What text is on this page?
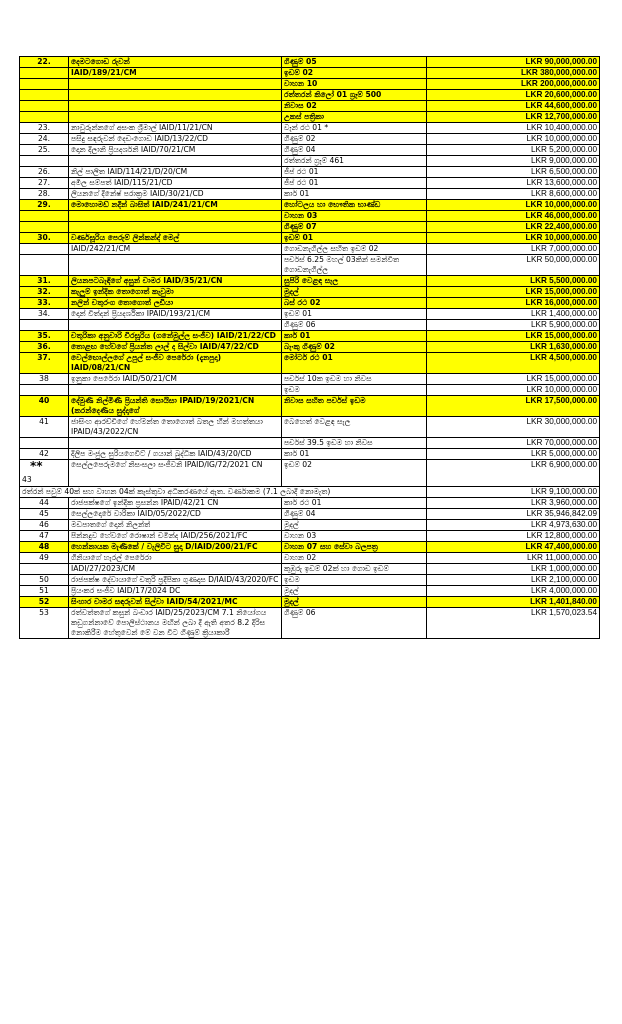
22.	දෙමටගොඩ රුවන්	ගිණුම් 05	LKR 90,000,000.00
	IAID/189/21/CM	ඉඩම් 02	LKR 380,000,000.00
		වාහන 10	LKR 200,000,000.00
		රත්තරන් කිලෝ 01 ග්‍රෑම් 500	LKR 20,600,000.00
		නිවාස 02	LKR 44,600,000.00
		උකස් පත්‍රිකා	LKR 12,700,000.00
23.	නාවුරුන්නගේ අසංක ශ්‍රීමාල් IAID/11/21/CN	වෑන් රථ 01 *	LKR 10,400,000.00
24.	පසිදු සඳරුවන් දෙඩංගොඩ IAID/13/22/CD	ගිණුම් 02	LKR 10,000,000.00
25.	දොන දිලානි ප්‍රියදර්ශනි IAID/70/21/CM	ගිණුම් 04	LKR 5,200,000.00
		රත්තරන් ග්‍රෑම් 461	LKR 9,000,000.00
26.	නිල් පාලිත IAID/114/21/D/20/CM	ජීප් රථ 01	LKR 6,500,000.00
27.	අමිල සම්පත් IAID/115/21/CD	ජීප් රථ 01	LKR 13,600,000.00
28.	ලියනගේ දිනේෂ් පරාක්‍රම IAID/30/21/CD	කාර් 01	LKR 8,600,000.00
29.	මොහොමඩ් නදීන් බාසිත් IAID/241/21/CM	හෝටලය හා භෞතික භාණ්ඩ	LKR 10,000,000.00
		වාහන 03	LKR 46,000,000.00
		ගිණුම් 07	LKR 22,400,000.00
30.	වර්ණසූරිය පෙරුම් ලින්කන්ද් මෙල්	ඉඩම් 01	LKR 10,000,000.00
	IAID/242/21/CM	ගොඩනැගිල්ල සහිත ඉඩම් 02	LKR 7,000,000.00
		පර්චස් 6.25 මහල් 03කින් සමන්විත ගොඩනැගිල්ල	LKR 50,000,000.00
31.	ලියනපටබැඳිගේ අසුන් චාමර IAID/35/21/CN	සුපිරි වෙළඳ සැල	LKR 5,500,000.00
32.	කැලුම් ඉන්දික තොගොත් කැවුමා	මුදල්	LKR 15,000,000.00
33.	නලින් චතුරංග තොගොත් ලඩියා	බස් රථ 02	LKR 16,000,000.00
34.	දොන් විත්දන් ප්‍රියදර්ශිකා IPAID/193/21/CM	ඉඩම් 01	LKR 1,400,000.00
		ගිණුම් 06	LKR 5,900,000.00
35.	චතුරිකා අනුචාරි චිරසූරිය (ගනේමුල්ල සංජීව) IAID/21/22/CD	කාර් 01	LKR 15,000,000.00
36.	තොළඟ හේවගේ ප්‍රියන්ත ලාල් ද සිල්වා IAID/47/22/CD	බැංකු ගිණුම් 02	LKR 1,630,000.00
37.	වෙල්ඟොල්ලගේ උපුල් සංජීව පෙරේරා (දැනපුදා) IAID/08/21/CN	මෝටර් රථ 01	LKR 4,500,000.00
38	ඉනුකා පෙරේරා IAID/50/21/CM	පර්චස් 10ක ඉඩම හා නිවස	LKR 15,000,000.00
		ඉඩම	LKR 10,000,000.00
40	දේමුණි නිල්මිණි ප්‍රියන්ති සොයිසා IPAID/19/2021/CN (කරන්දෙණිය සුද්දාගේ	නිවාස සහිත පර්චස් ඉඩම	LKR 17,500,000.00
41	ජාසිංහ ආරච්චිගේ හේමන්ත තොගොත් බතල හීන් මහත්තයා IPAID/43/2022/CN	බෙහෙත් වෙළඳ සැල	LKR 30,000,000.00
		පර්චස් 39.5 ඉඩම හා නිවස	LKR 70,000,000.00
42	දිලිප මංජුල සුරියගෙවිට් / ගයාන් බුද්ධික IAID/43/20/CD	කාර් 01	LKR 5,000,000.00

**
43	සෙල්ලපෙරුමගේ නිසංසලා සංජීවනි IPAID/IG/72/2021 CN	ඉඩම් 02	LKR 6,900,000.00
රත්රන් පවුම් 40ක් සහ වාහන 04ක් කැස්තුවා අධිකරණයේ ඇත. වර්ණාකම (7.1 ලබාදී නොමැත)			LKR 9,100,000.00
44	රාජපක්ෂගේ ඉන්දික ප්‍රසන්න IPAID/42/21 CN	කාර් රථ 01	LKR 3,960,000.00
45	සෙල්ලදොරේ වාරිකා IAID/05/2022/CD	ගිණුම් 04	LKR 35,946,842.09
46	මඩපාතගේ දොන් නිලන්ත්	මුදල්	LKR 4,973,630.00
47	පින්නදුව හේවගේ රොෂාන් චමින්ද IAID/256/2021/FC	වාහන 03	LKR 12,800,000.00
48	හෙන්නායක මැණිකේ / වැලිවිට සුදා D/IAID/200/21/FC	වාහන 07 සහ සේවා බලපත්‍ර	LKR 47,400,000.00
49	ගිනියාගේ හැරල් පෙරේරා	වාහන 02	LKR 11,000,000.00
	IADI/27/2023/CM	කුඹුරු ඉඩම් 02ක් හා ගොඩ ඉඩම්	LKR 1,000,000.00
50	රාජපක්ෂ දේවායාගේ චතුරි ප්‍රදීපිකා ගුණදාස D/IAID/43/2020/FC	ඉඩම	LKR 2,100,000.00
51	ප්‍රියංකර සංජීව IAID/17/2024 DC	මුදල්	LKR 4,000,000.00
52	සිංහාර චාමර සඳරුවන් සිල්වා IAID/54/2021/MC	මුදල්	LKR 1,401,840.00
53	රත්වත්තගේ කසුන් බංඩාර IAID/25/2023/CM 7.1 නියෝගය කඩුගන්නාවේ පොලිස්ථානය මඟින් ලබා දී ඇති අතර 8.2 දිරිස නොකිරීම හේතුවෙන් මේ වන විට ගිණුම් ක්‍රියාකාරී	ගිණුම් 06	LKR 1,570,023.54
